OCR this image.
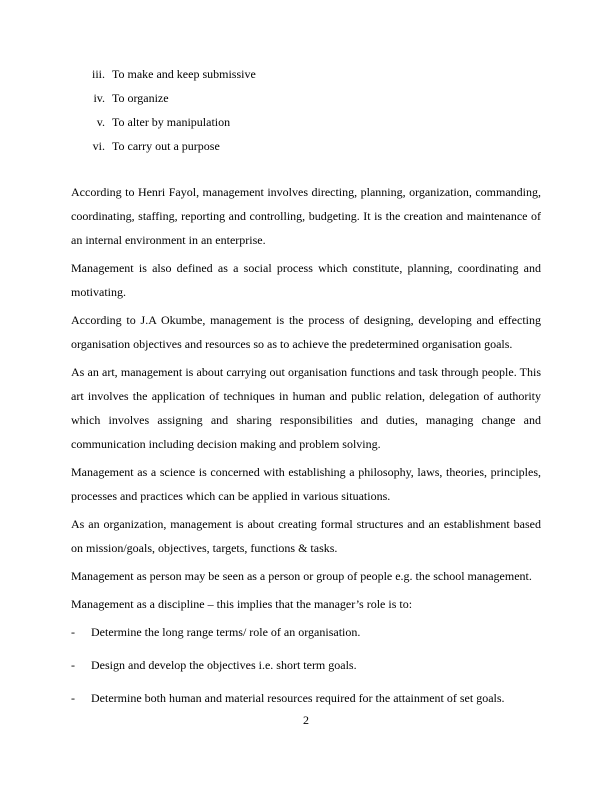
iii. To make and keep submissive
iv. To organize
v. To alter by manipulation
vi. To carry out a purpose

According to Henri Fayol, management involves directing, planning, organization, commanding, coordinating, staffing, reporting and controlling, budgeting. It is the creation and maintenance of an internal environment in an enterprise.

Management is also defined as a social process which constitute, planning, coordinating and motivating.

According to J.A Okumbe, management is the process of designing, developing and effecting organisation objectives and resources so as to achieve the predetermined organisation goals.

As an art, management is about carrying out organisation functions and task through people. This art involves the application of techniques in human and public relation, delegation of authority which involves assigning and sharing responsibilities and duties, managing change and communication including decision making and problem solving.

Management as a science is concerned with establishing a philosophy, laws, theories, principles, processes and practices which can be applied in various situations.

As an organization, management is about creating formal structures and an establishment based on mission/goals, objectives, targets, functions & tasks.

Management as person may be seen as a person or group of people e.g. the school management.

Management as a discipline – this implies that the manager’s role is to:

-	Determine the long range terms/ role of an organisation.
-	Design and develop the objectives i.e. short term goals.
-	Determine both human and material resources required for the attainment of set goals.
2
